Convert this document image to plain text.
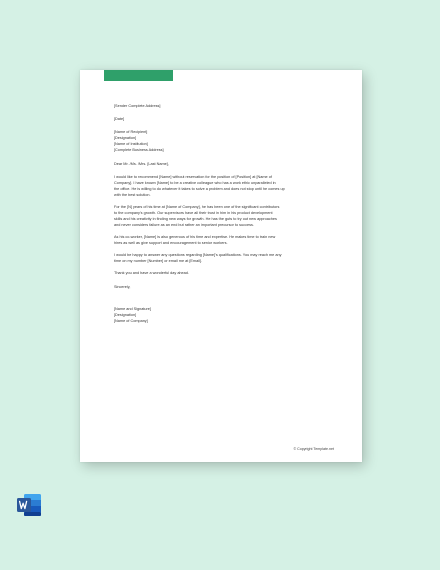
[Sender Complete Address]

[Date]

[Name of Recipient]
[Designation]
[Name of Institution]
[Complete Business Address]

Dear Mr. /Ms. /Mrs. [Last Name],

I would like to recommend [Name] without reservation for the position of [Position] at [Name of
Company]. I have known [Name] to be a creative colleague who has a work ethic unparalleled in
the office. He is willing to do whatever it takes to solve a problem and does not stop until he comes up
with the best solution.
For the [N] years of his time at [Name of Company], he has been one of the significant contributors
to the company's growth. Our supervisors have all their trust in him in his product development
skills and his creativity in finding new ways for growth. He has the guts to try out new approaches
and never considers failure as an end but rather an important precursor to success.
As his co-worker, [Name] is also generous of his time and expertise. He makes time to train new
hires as well as give support and encouragement to senior workers.
I would be happy to answer any questions regarding [Name]'s qualifications. You may reach me any
time on my number [Number] or email me at [Email].

Thank you and have a wonderful day ahead.

Sincerely,

[Name and Signature]
[Designation]
[Name of Company]
© Copyright Template.net
